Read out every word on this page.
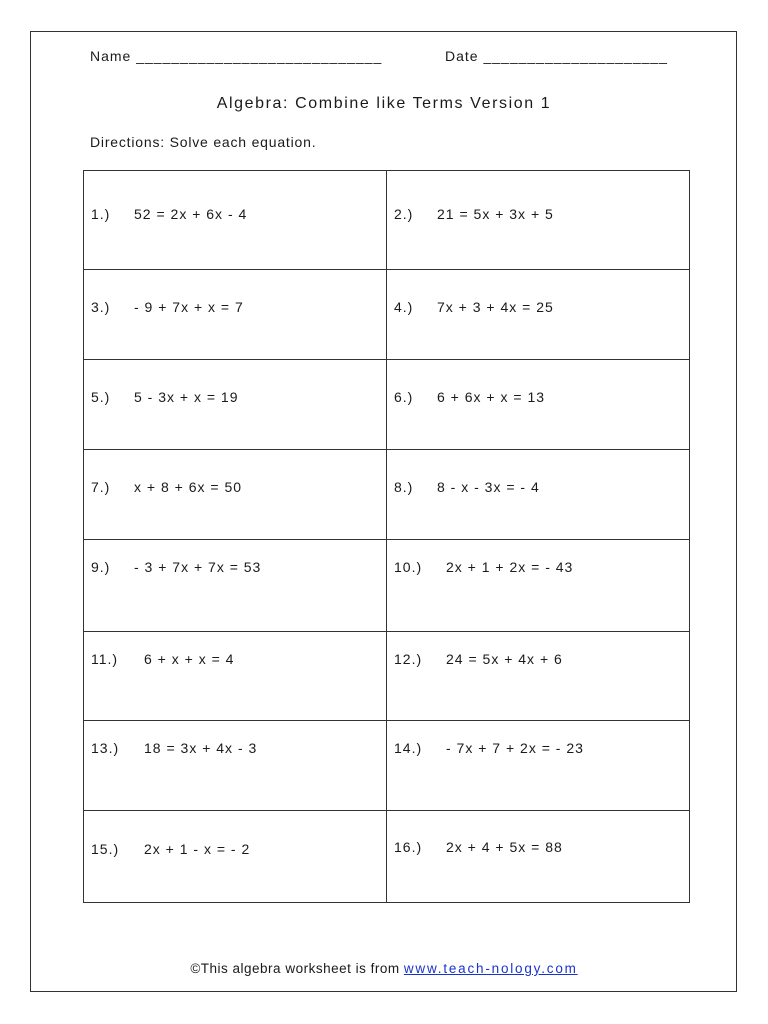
Name ____________________________	Date _____________________
Algebra: Combine like Terms Version 1
Directions: Solve each equation.
1.) 52 = 2x + 6x - 4	2.) 21 = 5x + 3x + 5

3.) - 9 + 7x + x = 7	4.) 7x + 3 + 4x = 25

5.) 5 - 3x + x = 19	6.) 6 + 6x + x = 13

7.) x + 8 + 6x = 50	8.) 8 - x - 3x = - 4

9.) - 3 + 7x + 7x = 53	10.) 2x + 1 + 2x = - 43

11.) 6 + x + x = 4	12.) 24 = 5x + 4x + 6

13.) 18 = 3x + 4x - 3	14.) - 7x + 7 + 2x = - 23

15.) 2x + 1 - x = - 2	16.) 2x + 4 + 5x = 88
©This algebra worksheet is from www.teach-nology.com
